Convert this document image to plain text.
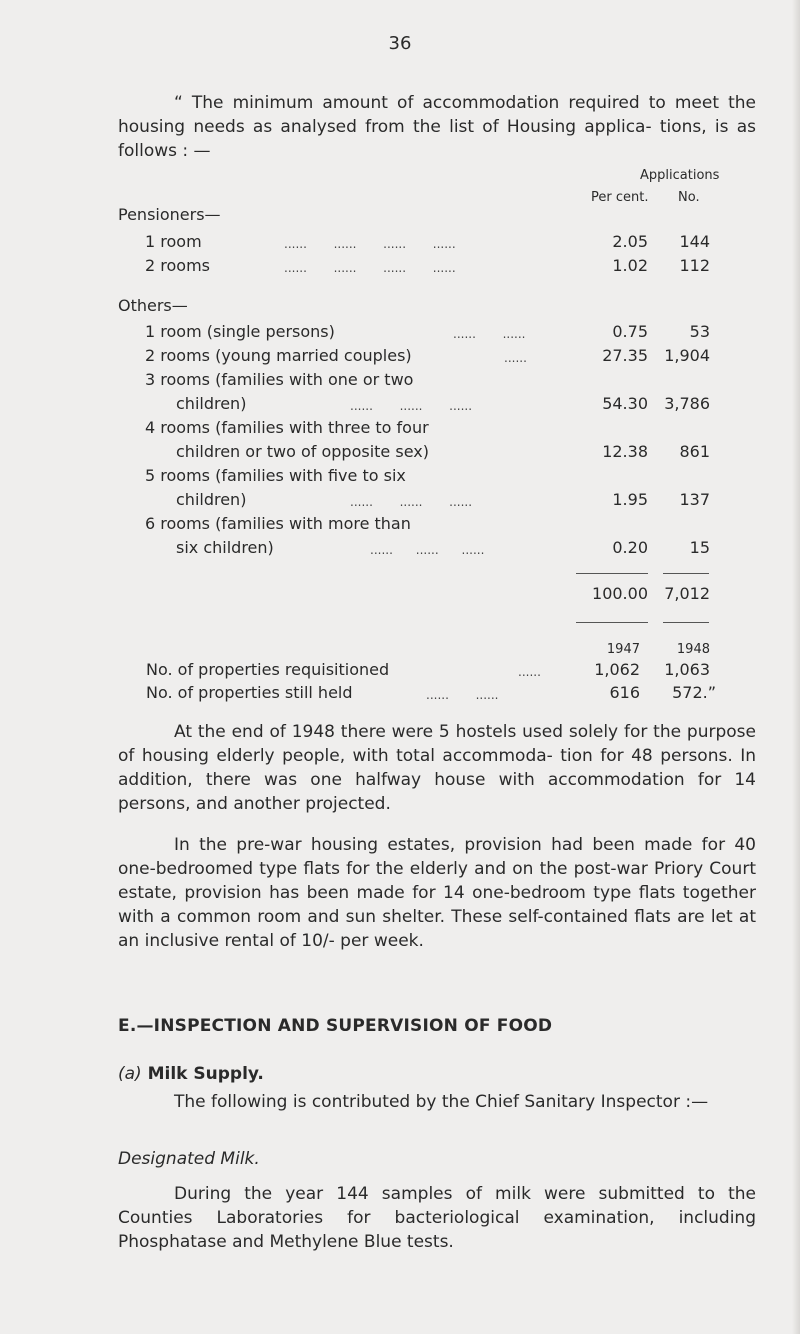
36
“ The minimum amount of accommodation required to meet the housing needs as analysed from the list of Housing applica- tions, is as follows : —
Applications
Per cent. No.
Pensioners—
1 room	......       ......       ......       ......	2.05	144
2 rooms	......       ......       ......       ......	1.02	112
Others—
1 room (single persons)	......       ......	0.75	53
2 rooms (young married couples)	......	27.35	1,904
3 rooms (families with one or two
children)	......       ......       ......	54.30	3,786
4 rooms (families with three to four
children or two of opposite sex)	12.38	861
5 rooms (families with five to six
children)	......       ......       ......	1.95	137
6 rooms (families with more than
six children)	......      ......      ......	0.20	15
100.00	7,012
1947	1948
No. of properties requisitioned	......	1,062	1,063
No. of properties still held	......       ......	616	572.”
At the end of 1948 there were 5 hostels used solely for the purpose of housing elderly people, with total accommoda- tion for 48 persons. In addition, there was one halfway house with accommodation for 14 persons, and another projected.
In the pre-war housing estates, provision had been made for 40 one-bedroomed type flats for the elderly and on the post-war Priory Court estate, provision has been made for 14 one-bedroom type flats together with a common room and sun shelter. These self-contained flats are let at an inclusive rental of 10/- per week.
E.—INSPECTION AND SUPERVISION OF FOOD
(a) Milk Supply.
The following is contributed by the Chief Sanitary Inspector :—
Designated Milk.
During the year 144 samples of milk were submitted to the Counties Laboratories for bacteriological examination, including Phosphatase and Methylene Blue tests.
